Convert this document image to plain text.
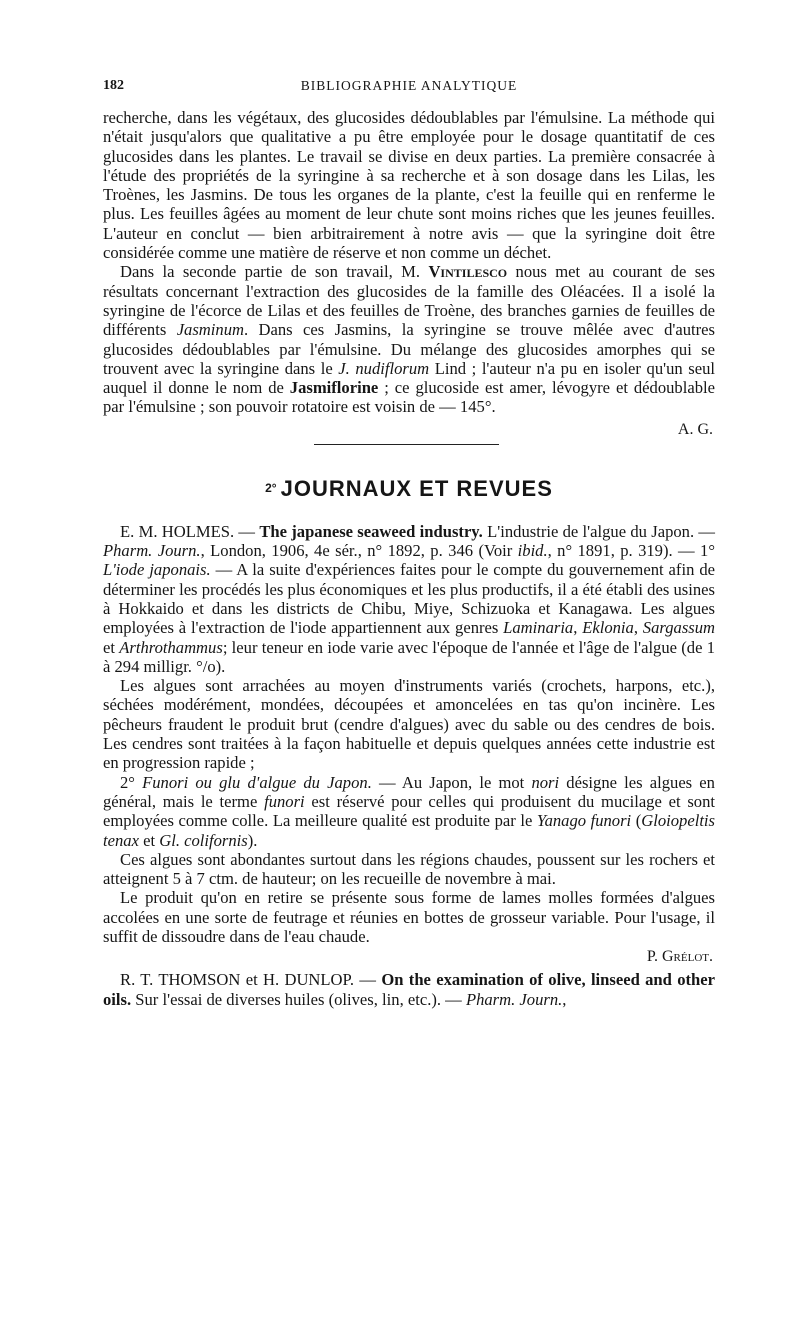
182	BIBLIOGRAPHIE ANALYTIQUE

recherche, dans les végétaux, des glucosides dédoublables par l'émulsine. La méthode qui n'était jusqu'alors que qualitative a pu être employée pour le dosage quantitatif de ces glucosides dans les plantes. Le travail se divise en deux parties. La première consacrée à l'étude des propriétés de la syringine à sa recherche et à son dosage dans les Lilas, les Troènes, les Jasmins. De tous les organes de la plante, c'est la feuille qui en renferme le plus. Les feuilles âgées au moment de leur chute sont moins riches que les jeunes feuilles. L'auteur en conclut — bien arbitrairement à notre avis — que la syringine doit être considérée comme une matière de réserve et non comme un déchet.

Dans la seconde partie de son travail, M. Vintilesco nous met au courant de ses résultats concernant l'extraction des glucosides de la famille des Oléacées. Il a isolé la syringine de l'écorce de Lilas et des feuilles de Troène, des branches garnies de feuilles de différents Jasminum. Dans ces Jasmins, la syringine se trouve mêlée avec d'autres glucosides dédoublables par l'émulsine. Du mélange des glucosides amorphes qui se trouvent avec la syringine dans le J. nudiflorum Lind ; l'auteur n'a pu en isoler qu'un seul auquel il donne le nom de Jasmiflorine ; ce glucoside est amer, lévogyre et dédoublable par l'émulsine ; son pouvoir rotatoire est voisin de — 145°.

A. G.
$^{2^\circ}$ JOURNAUX ET REVUES

E. M. HOLMES. — The japanese seaweed industry. L'industrie de l'algue du Japon. — Pharm. Journ., London, 1906, 4e sér., n° 1892, p. 346 (Voir ibid., n° 1891, p. 319). — 1° L'iode japonais. — A la suite d'expériences faites pour le compte du gouvernement afin de déterminer les procédés les plus économiques et les plus productifs, il a été établi des usines à Hokkaido et dans les districts de Chibu, Miye, Schizuoka et Kanagawa. Les algues employées à l'extraction de l'iode appartiennent aux genres Laminaria, Eklonia, Sargassum et Arthrothammus; leur teneur en iode varie avec l'époque de l'année et l'âge de l'algue (de 1 à 294 milligr. °/o).

Les algues sont arrachées au moyen d'instruments variés (crochets, harpons, etc.), séchées modérément, mondées, découpées et amoncelées en tas qu'on incinère. Les pêcheurs fraudent le produit brut (cendre d'algues) avec du sable ou des cendres de bois. Les cendres sont traitées à la façon habituelle et depuis quelques années cette industrie est en progression rapide ;

2° Funori ou glu d'algue du Japon. — Au Japon, le mot nori désigne les algues en général, mais le terme funori est réservé pour celles qui produisent du mucilage et sont employées comme colle. La meilleure qualité est produite par le Yanago funori (Gloiopeltis tenax et Gl. colifornis).

Ces algues sont abondantes surtout dans les régions chaudes, poussent sur les rochers et atteignent 5 à 7 ctm. de hauteur; on les recueille de novembre à mai.

Le produit qu'on en retire se présente sous forme de lames molles formées d'algues accolées en une sorte de feutrage et réunies en bottes de grosseur variable. Pour l'usage, il suffit de dissoudre dans de l'eau chaude.

P. Grélot.

R. T. THOMSON et H. DUNLOP. — On the examination of olive, linseed and other oils. Sur l'essai de diverses huiles (olives, lin, etc.). — Pharm. Journ.,
